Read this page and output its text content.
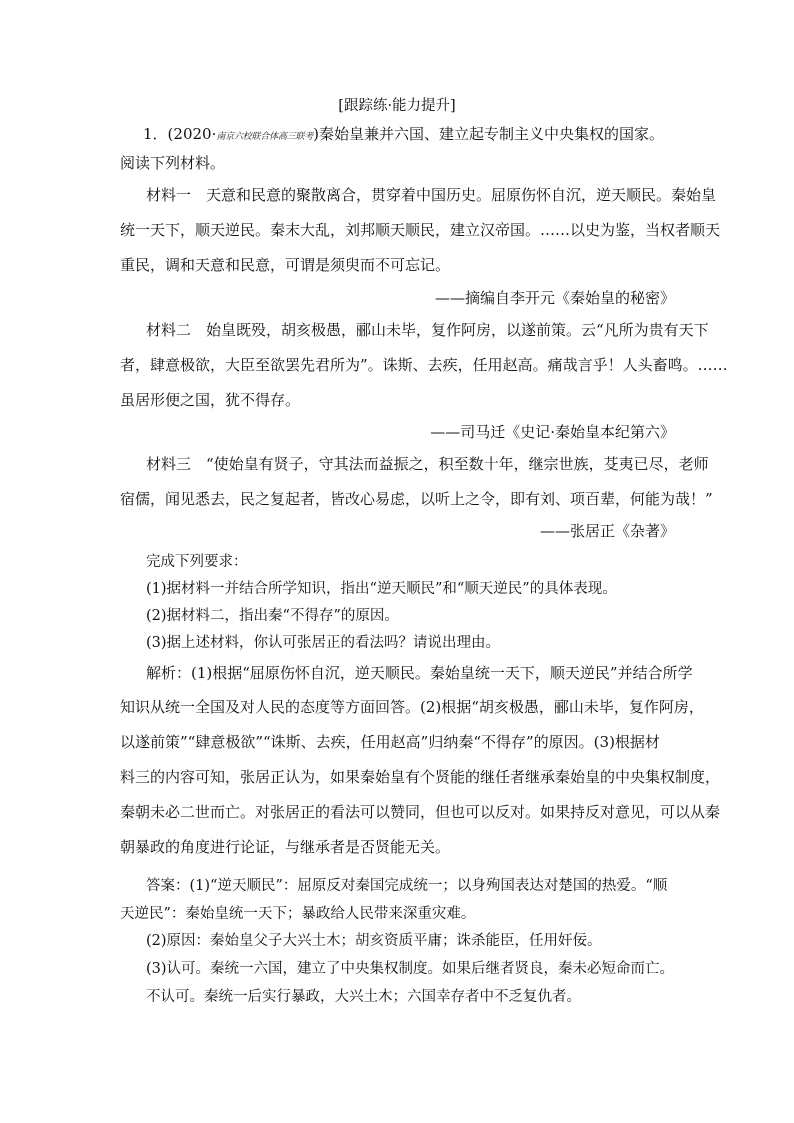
[跟踪练·能力提升]
1．(2020·南京六校联合体高三联考)秦始皇兼并六国、建立起专制主义中央集权的国家。
阅读下列材料。
材料一　天意和民意的聚散离合，贯穿着中国历史。屈原伤怀自沉，逆天顺民。秦始皇
统一天下，顺天逆民。秦末大乱，刘邦顺天顺民，建立汉帝国。……以史为鉴，当权者顺天
重民，调和天意和民意，可谓是须臾而不可忘记。
——摘编自李开元《秦始皇的秘密》
材料二　始皇既殁，胡亥极愚，郦山未毕，复作阿房，以遂前策。云“凡所为贵有天下
者，肆意极欲，大臣至欲罢先君所为”。诛斯、去疾，任用赵高。痛哉言乎！人头畜鸣。……
虽居形便之国，犹不得存。
——司马迁《史记·秦始皇本纪第六》
材料三　“使始皇有贤子，守其法而益振之，积至数十年，继宗世族，芟夷已尽，老师
宿儒，闻见悉去，民之复起者，皆改心易虑，以听上之令，即有刘、项百辈，何能为哉！”
——张居正《杂著》
完成下列要求：
(1)据材料一并结合所学知识，指出“逆天顺民”和“顺天逆民”的具体表现。
(2)据材料二，指出秦“不得存”的原因。
(3)据上述材料，你认可张居正的看法吗？请说出理由。
解析：(1)根据“屈原伤怀自沉，逆天顺民。秦始皇统一天下，顺天逆民”并结合所学
知识从统一全国及对人民的态度等方面回答。(2)根据“胡亥极愚，郦山未毕，复作阿房，
以遂前策”“肆意极欲”“诛斯、去疾，任用赵高”归纳秦“不得存”的原因。(3)根据材
料三的内容可知，张居正认为，如果秦始皇有个贤能的继任者继承秦始皇的中央集权制度，
秦朝未必二世而亡。对张居正的看法可以赞同，但也可以反对。如果持反对意见，可以从秦
朝暴政的角度进行论证，与继承者是否贤能无关。
答案：(1)“逆天顺民”：屈原反对秦国完成统一；以身殉国表达对楚国的热爱。“顺
天逆民”：秦始皇统一天下；暴政给人民带来深重灾难。
(2)原因：秦始皇父子大兴土木；胡亥资质平庸；诛杀能臣，任用奸佞。
(3)认可。秦统一六国，建立了中央集权制度。如果后继者贤良，秦未必短命而亡。
不认可。秦统一后实行暴政，大兴土木；六国幸存者中不乏复仇者。
